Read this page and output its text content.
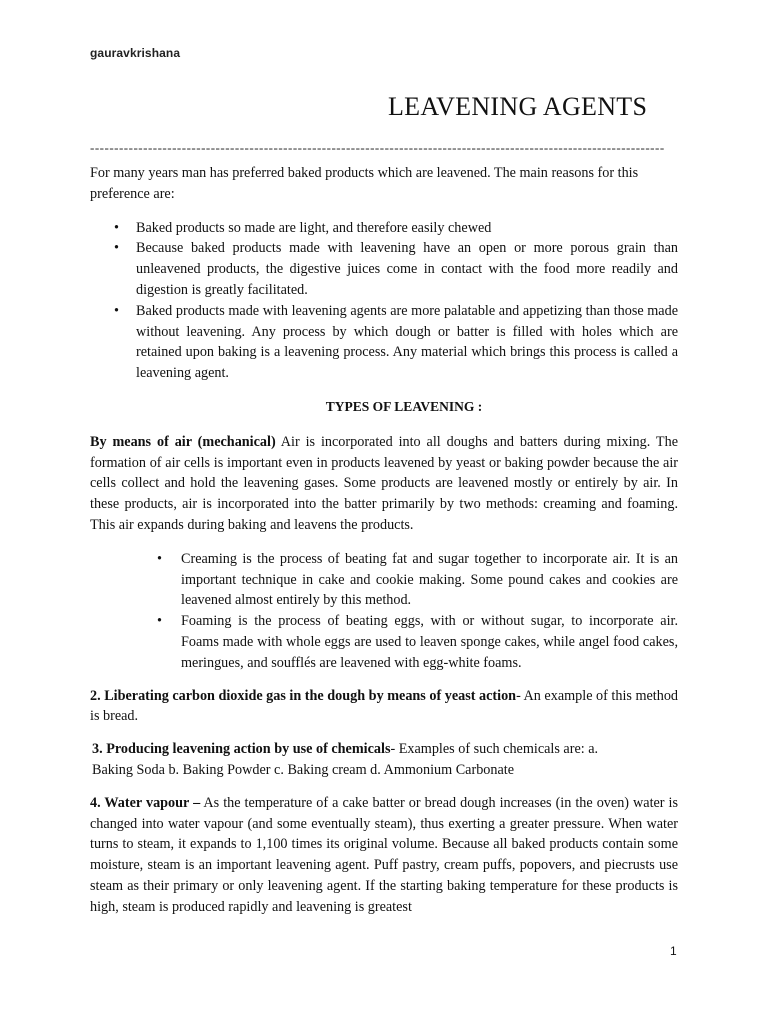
gauravkrishana
LEAVENING AGENTS
-----------------------------------------------------------------------------------------------------------------------

For many years man has preferred baked products which are leavened. The main reasons for this preference are:

• Baked products so made are light, and therefore easily chewed
• Because baked products made with leavening have an open or more porous grain than unleavened products, the digestive juices come in contact with the food more readily and digestion is greatly facilitated.
• Baked products made with leavening agents are more palatable and appetizing than those made without leavening. Any process by which dough or batter is filled with holes which are retained upon baking is a leavening process. Any material which brings this process is called a leavening agent.

TYPES OF LEAVENING :

By means of air (mechanical) Air is incorporated into all doughs and batters during mixing. The formation of air cells is important even in products leavened by yeast or baking powder because the air cells collect and hold the leavening gases. Some products are leavened mostly or entirely by air. In these products, air is incorporated into the batter primarily by two methods: creaming and foaming. This air expands during baking and leavens the products.

• Creaming is the process of beating fat and sugar together to incorporate air. It is an important technique in cake and cookie making. Some pound cakes and cookies are leavened almost entirely by this method.
• Foaming is the process of beating eggs, with or without sugar, to incorporate air. Foams made with whole eggs are used to leaven sponge cakes, while angel food cakes, meringues, and soufflés are leavened with egg-white foams.

2. Liberating carbon dioxide gas in the dough by means of yeast action- An example of this method is bread.

3. Producing leavening action by use of chemicals- Examples of such chemicals are: a.
Baking Soda b. Baking Powder c. Baking cream d. Ammonium Carbonate

4. Water vapour – As the temperature of a cake batter or bread dough increases (in the oven) water is changed into water vapour (and some eventually steam), thus exerting a greater pressure. When water turns to steam, it expands to 1,100 times its original volume. Because all baked products contain some moisture, steam is an important leavening agent. Puff pastry, cream puffs, popovers, and piecrusts use steam as their primary or only leavening agent. If the starting baking temperature for these products is high, steam is produced rapidly and leavening is greatest

1
